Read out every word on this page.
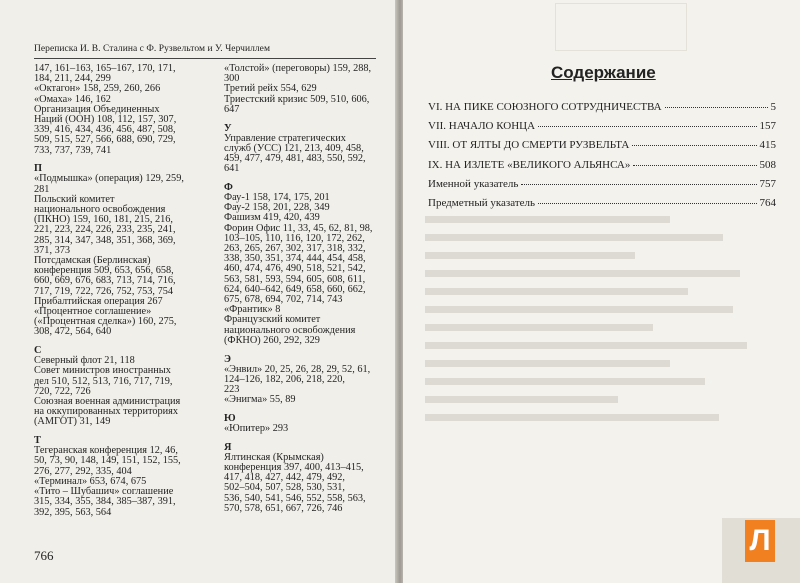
Переписка И. В. Сталина с Ф. Рузвельтом и У. Черчиллем
147, 161–163, 165–167, 170, 171,
184, 211, 244, 299
«Октагон» 158, 259, 260, 266
«Омаха» 146, 162
Организация Объединенных
Наций (ООН) 108, 112, 157, 307,
339, 416, 434, 436, 456, 487, 508,
509, 515, 527, 566, 688, 690, 729,
733, 737, 739, 741
П
«Подмышка» (операция) 129, 259,
281
Польский комитет
национального освобождения
(ПКНО) 159, 160, 181, 215, 216,
221, 223, 224, 226, 233, 235, 241,
285, 314, 347, 348, 351, 368, 369,
371, 373
Потсдамская (Берлинская)
конференция 509, 653, 656, 658,
660, 669, 676, 683, 713, 714, 716,
717, 719, 722, 726, 752, 753, 754
Прибалтийская операция 267
«Процентное соглашение»
(«Процентная сделка») 160, 275,
308, 472, 564, 640
С
Северный флот 21, 118
Совет министров иностранных
дел 510, 512, 513, 716, 717, 719,
720, 722, 726
Союзная военная администрация
на оккупированных территориях
(АМГОТ) 31, 149
Т
Тегеранская конференция 12, 46,
50, 73, 90, 148, 149, 151, 152, 155,
276, 277, 292, 335, 404
«Терминал» 653, 674, 675
«Тито – Шубашич» соглашение
315, 334, 355, 384, 385–387, 391,
392, 395, 563, 564
«Толстой» (переговоры) 159, 288,
300
Третий рейх 554, 629
Триестский кризис 509, 510, 606,
647
У
Управление стратегических
служб (УСС) 121, 213, 409, 458,
459, 477, 479, 481, 483, 550, 592,
641
Ф
Фау-1 158, 174, 175, 201
Фау-2 158, 201, 228, 349
Фашизм 419, 420, 439
Форин Офис 11, 33, 45, 62, 81, 98,
103–105, 110, 116, 120, 172, 262,
263, 265, 267, 302, 317, 318, 332,
338, 350, 351, 374, 444, 454, 458,
460, 474, 476, 490, 518, 521, 542,
563, 581, 593, 594, 605, 608, 611,
624, 640–642, 649, 658, 660, 662,
675, 678, 694, 702, 714, 743
«Франтик» 8
Французский комитет
национального освобождения
(ФКНО) 260, 292, 329
Э
«Энвил» 20, 25, 26, 28, 29, 52, 61,
124–126, 182, 206, 218, 220,
223
«Энигма» 55, 89
Ю
«Юпитер» 293
Я
Ялтинская (Крымская)
конференция 397, 400, 413–415,
417, 418, 427, 442, 479, 492,
502–504, 507, 528, 530, 531,
536, 540, 541, 546, 552, 558, 563,
570, 578, 651, 667, 726, 746
766
Содержание
VI. НА ПИКЕ СОЮЗНОГО СОТРУДНИЧЕСТВА	5
VII. НАЧАЛО КОНЦА	157
VIII. ОТ ЯЛТЫ ДО СМЕРТИ РУЗВЕЛЬТА	415
IX. НА ИЗЛЕТЕ «ВЕЛИКОГО АЛЬЯНСА»	508
Именной указатель	757
Предметный указатель	764
Л
